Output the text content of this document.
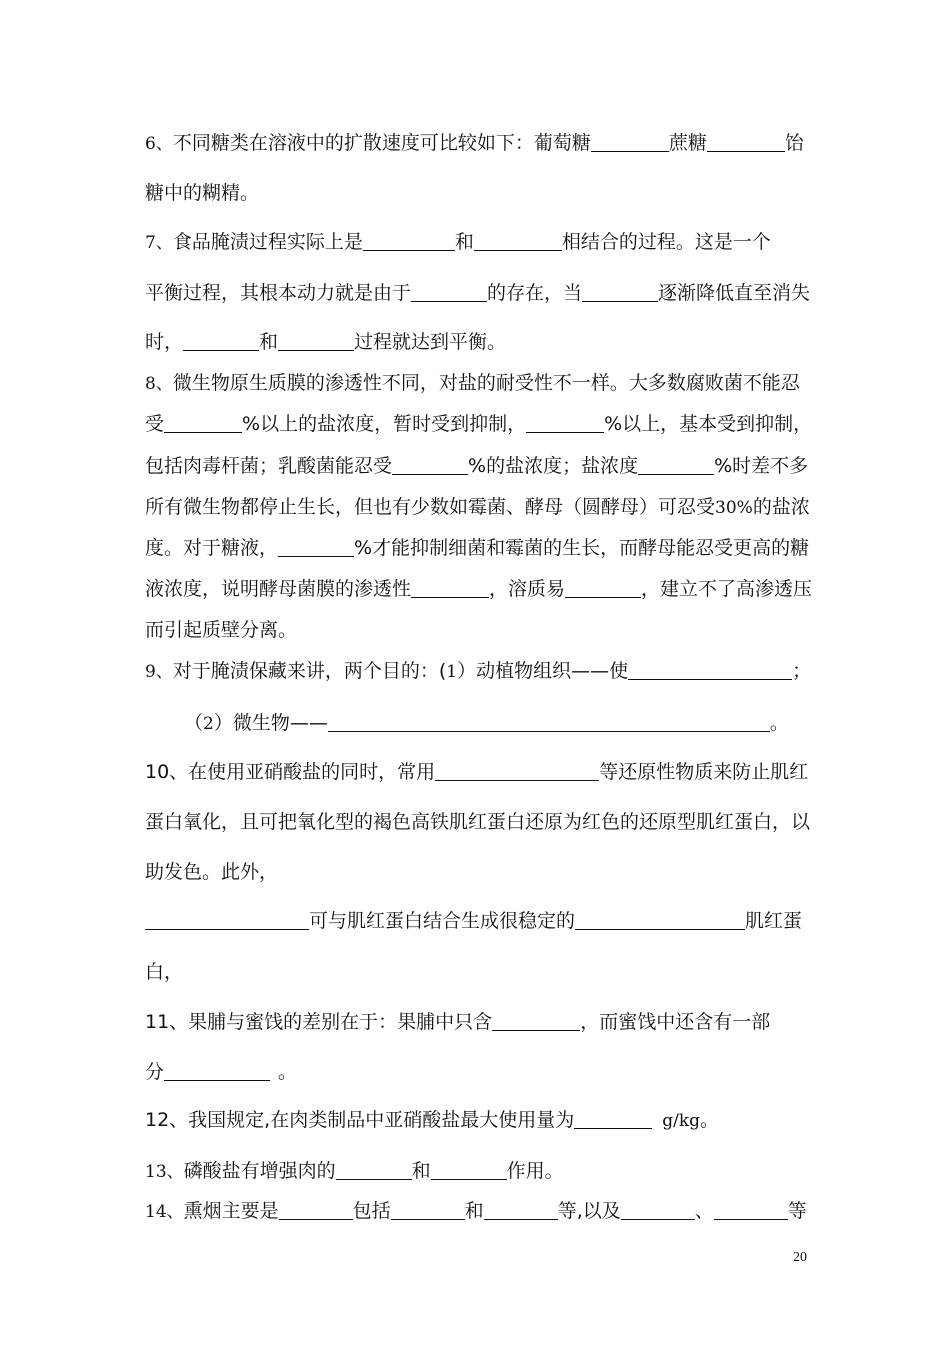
6、不同糖类在溶液中的扩散速度可比较如下：葡萄糖	蔗糖	饴
糖中的糊精。
7、食品腌渍过程实际上是	和	相结合的过程。这是一个
平衡过程，其根本动力就是由于	的存在，当	逐渐降低直至消失
时，	和	过程就达到平衡。
8、微生物原生质膜的渗透性不同，对盐的耐受性不一样。大多数腐败菌不能忍
受	%以上的盐浓度，暂时受到抑制，	%以上，基本受到抑制，
包括肉毒杆菌；乳酸菌能忍受	%的盐浓度；盐浓度	%时差不多
所有微生物都停止生长，但也有少数如霉菌、酵母（圆酵母）可忍受30%的盐浓
度。对于糖液，	%才能抑制细菌和霉菌的生长，而酵母能忍受更高的糖
液浓度，说明酵母菌膜的渗透性	，溶质易	，建立不了高渗透压
而引起质壁分离。
9、对于腌渍保藏来讲，两个目的：(1）动植物组织——使	；
（2）微生物——	。
10、在使用亚硝酸盐的同时，常用	等还原性物质来防止肌红
蛋白氧化，且可把氧化型的褐色高铁肌红蛋白还原为红色的还原型肌红蛋白，以
助发色。此外，
可与肌红蛋白结合生成很稳定的	肌红蛋
白，
11、果脯与蜜饯的差别在于：果脯中只含	，而蜜饯中还含有一部
分	。
12、我国规定,在肉类制品中亚硝酸盐最大使用量为	g/kg。
13、磷酸盐有增强肉的	和	作用。
14、熏烟主要是	包括	和	等,以及	、	等
20
